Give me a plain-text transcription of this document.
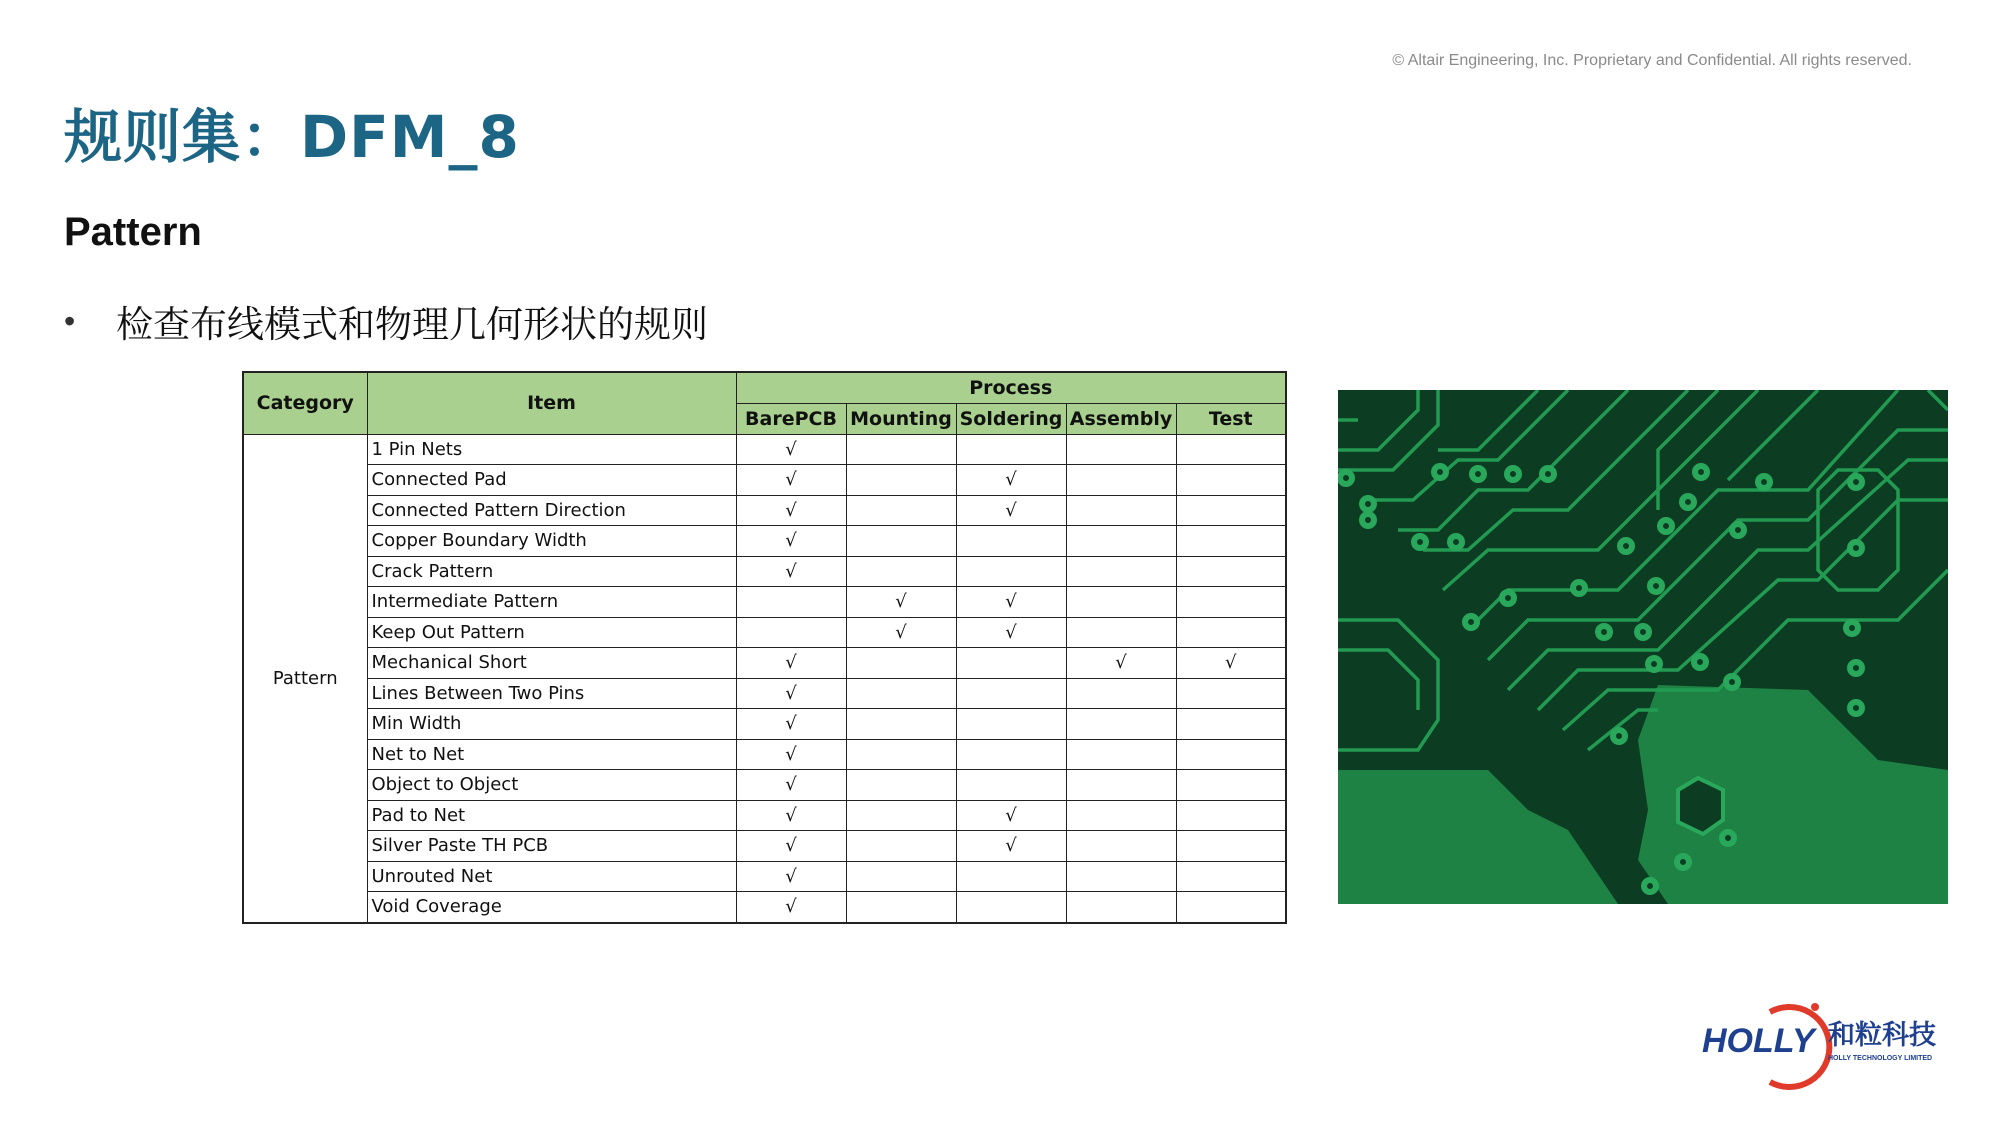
© Altair Engineering, Inc. Proprietary and Confidential. All rights reserved.
规则集：DFM_8
Pattern
•	检查布线模式和物理几何形状的规则
Category	Item	Process				
		BarePCB	Mounting	Soldering	Assembly	Test
Pattern	1 Pin Nets	√				
	Connected Pad	√		√		
	Connected Pattern Direction	√		√		
	Copper Boundary Width	√				
	Crack Pattern	√				
	Intermediate Pattern		√	√		
	Keep Out Pattern		√	√		
	Mechanical Short	√			√	√
	Lines Between Two Pins	√				
	Min Width	√				
	Net to Net	√				
	Object to Object	√				
	Pad to Net	√		√		
	Silver Paste TH PCB	√		√		
	Unrouted Net	√				
	Void Coverage	√				
HOLLY 和粒科技
HOLLY TECHNOLOGY LIMITED
